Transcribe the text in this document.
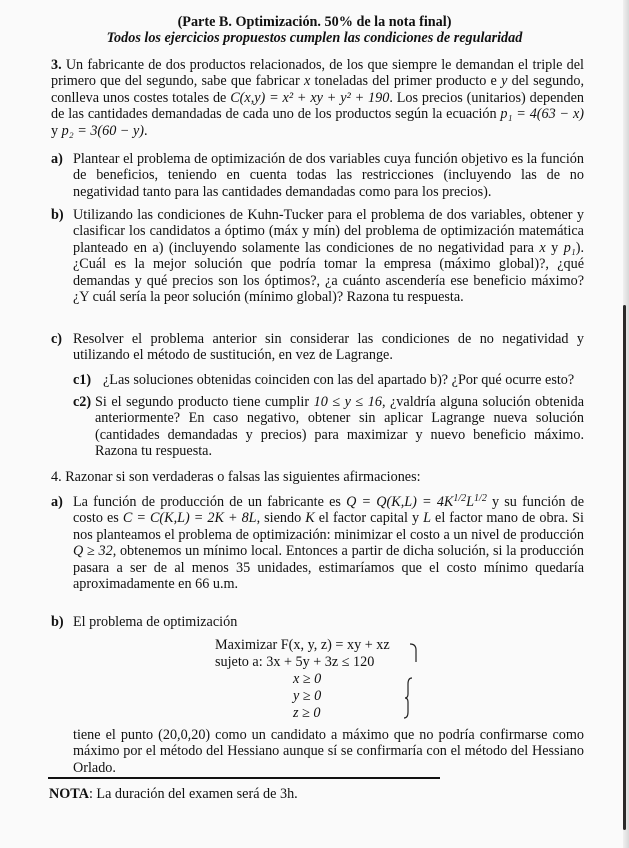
(Parte B. Optimización. 50% de la nota final)
Todos los ejercicios propuestos cumplen las condiciones de regularidad
3. Un fabricante de dos productos relacionados, de los que siempre le demandan el triple del primero que del segundo, sabe que fabricar x toneladas del primer producto e y del segundo, conlleva unos costes totales de C(x,y) = x² + xy + y² + 190. Los precios (unitarios) dependen de las cantidades demandadas de cada uno de los productos según la ecuación p₁ = 4(63 − x) y p₂ = 3(60 − y).
a) Plantear el problema de optimización de dos variables cuya función objetivo es la función de beneficios, teniendo en cuenta todas las restricciones (incluyendo las de no negatividad tanto para las cantidades demandadas como para los precios).
b) Utilizando las condiciones de Kuhn-Tucker para el problema de dos variables, obtener y clasificar los candidatos a óptimo (máx y mín) del problema de optimización matemática planteado en a) (incluyendo solamente las condiciones de no negatividad para x y p₁). ¿Cuál es la mejor solución que podría tomar la empresa (máximo global)?, ¿qué demandas y qué precios son los óptimos?, ¿a cuánto ascendería ese beneficio máximo? ¿Y cuál sería la peor solución (mínimo global)? Razona tu respuesta.
c) Resolver el problema anterior sin considerar las condiciones de no negatividad y utilizando el método de sustitución, en vez de Lagrange.
c1) ¿Las soluciones obtenidas coinciden con las del apartado b)? ¿Por qué ocurre esto?
c2) Si el segundo producto tiene cumplir 10 ≤ y ≤ 16, ¿valdría alguna solución obtenida anteriormente? En caso negativo, obtener sin aplicar Lagrange nueva solución (cantidades demandadas y precios) para maximizar y nuevo beneficio máximo. Razona tu respuesta.
4. Razonar si son verdaderas o falsas las siguientes afirmaciones:
a) La función de producción de un fabricante es $Q = Q(K,L) = 4K^{1/2}L^{1/2}$ y su función de costo es C = C(K,L) = 2K + 8L, siendo K el factor capital y L el factor mano de obra. Si nos planteamos el problema de optimización: minimizar el costo a un nivel de producción Q ≥ 32, obtenemos un mínimo local. Entonces a partir de dicha solución, si la producción pasara a ser de al menos 35 unidades, estimaríamos que el costo mínimo quedaría aproximadamente en 66 u.m.
b) El problema de optimización
Maximizar F(x, y, z) = xy + xz
sujeto a: 3x + 5y + 3z ≤ 120
x ≥ 0
y ≥ 0
z ≥ 0
tiene el punto (20,0,20) como un candidato a máximo que no podría confirmarse como máximo por el método del Hessiano aunque sí se confirmaría con el método del Hessiano Orlado.
NOTA: La duración del examen será de 3h.
